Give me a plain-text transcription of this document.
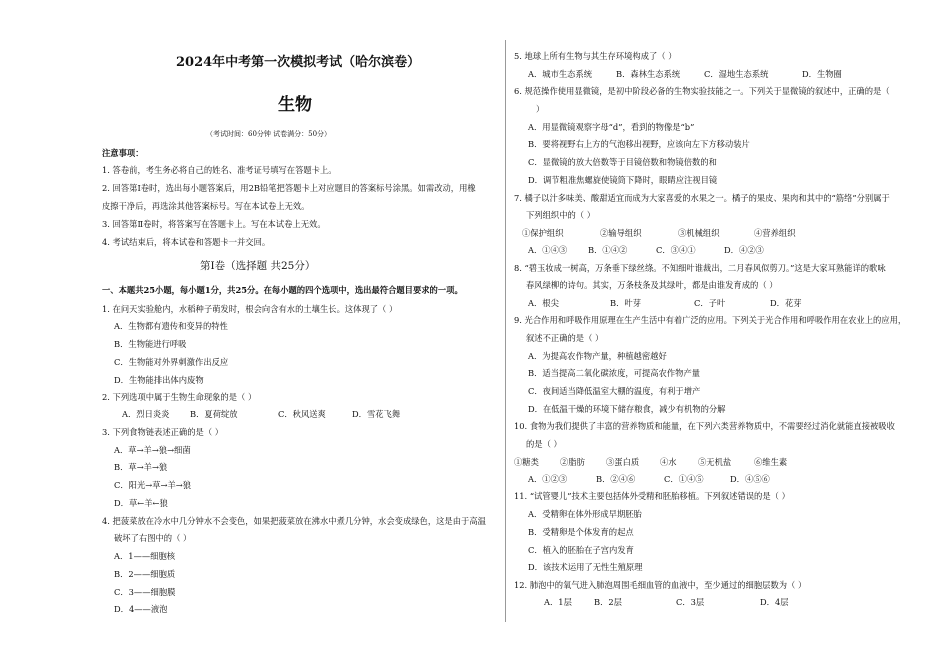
2024年中考第一次模拟考试（哈尔滨卷）
生物
（考试时间：60分钟 试卷满分：50分）
注意事项：
1. 答卷前，考生务必将自己的姓名、准考证号填写在答题卡上。
2. 回答第Ⅰ卷时，选出每小题答案后，用2B铅笔把答题卡上对应题目的答案标号涂黑。如需改动，用橡
皮擦干净后，再选涂其他答案标号。写在本试卷上无效。
3. 回答第Ⅱ卷时，将答案写在答题卡上。写在本试卷上无效。
4. 考试结束后，将本试卷和答题卡一并交回。
第Ⅰ卷（选择题 共25分）
一、本题共25小题，每小题1分，共25分。在每小题的四个选项中，选出最符合题目要求的一项。
1. 在问天实验舱内，水稻种子萌发时，根会向含有水的土壤生长。这体现了（ ）
A．生物都有遗传和变异的特性
B．生物能进行呼吸
C．生物能对外界刺激作出反应
D．生物能排出体内废物
2. 下列选项中属于生物生命现象的是（ ）
A．烈日炎炎 B．夏荷绽放	C．秋风送爽	D．雪花飞舞
3. 下列食物链表述正确的是（ ）
A．草→羊→狼→细菌
B．草→羊→狼
C．阳光→草→羊→狼
D．草←羊←狼
4. 把菠菜放在冷水中几分钟水不会变色，如果把菠菜放在沸水中煮几分钟，水会变成绿色，这是由于高温
破坏了右图中的（ ）
A．1——细胞核
B．2——细胞质
C．3——细胞膜
D．4——液泡
5. 地球上所有生物与其生存环境构成了（ ）
A．城市生态系统	B．森林生态系统	C．湿地生态系统	D．生物圈
6. 规范操作使用显微镜，是初中阶段必备的生物实验技能之一。下列关于显微镜的叙述中，正确的是（
）
A．用显微镜观察字母“d”，看到的物像是“b”
B．要将视野右上方的气泡移出视野，应该向左下方移动装片
C．显微镜的放大倍数等于目镜倍数和物镜倍数的和
D．调节粗准焦螺旋使镜筒下降时，眼睛应注视目镜
7. 橘子以汁多味美、酸甜适宜而成为大家喜爱的水果之一。橘子的果皮、果肉和其中的“筋络”分别属于
下列组织中的（ ）
①保护组织	②输导组织	③机械组织	④营养组织
A．①④③	B．①④②	C．③④①	D．④②③
8. “碧玉妆成一树高，万条垂下绿丝绦。不知细叶谁裁出，二月春风似剪刀。”这是大家耳熟能详的歌咏
春风绿柳的诗句。其实，万条枝条及其绿叶，都是由谁发育成的（ ）
A．根尖	B．叶芽	C．子叶	D．花芽
9. 光合作用和呼吸作用原理在生产生活中有着广泛的应用。下列关于光合作用和呼吸作用在农业上的应用，
叙述不正确的是（ ）
A．为提高农作物产量，种植越密越好
B．适当提高二氧化碳浓度，可提高农作物产量
C．夜间适当降低温室大棚的温度，有利于增产
D．在低温干燥的环境下储存粮食，减少有机物的分解
10. 食物为我们提供了丰富的营养物质和能量，在下列六类营养物质中，不需要经过消化就能直接被吸收
的是（ ）
①糖类	②脂肪	③蛋白质	④水	⑤无机盐	⑥维生素
A．①②③	B．②④⑥	C．①④⑤	D．④⑤⑥
11. “试管婴儿”技术主要包括体外受精和胚胎移植。下列叙述错误的是（ ）
A．受精卵在体外形成早期胚胎
B．受精卵是个体发育的起点
C．植入的胚胎在子宫内发育
D．该技术运用了无性生殖原理
12. 肺泡中的氧气进入肺泡周围毛细血管的血液中，至少通过的细胞层数为（ ）
A．1层	B．2层	C．3层	D．4层
